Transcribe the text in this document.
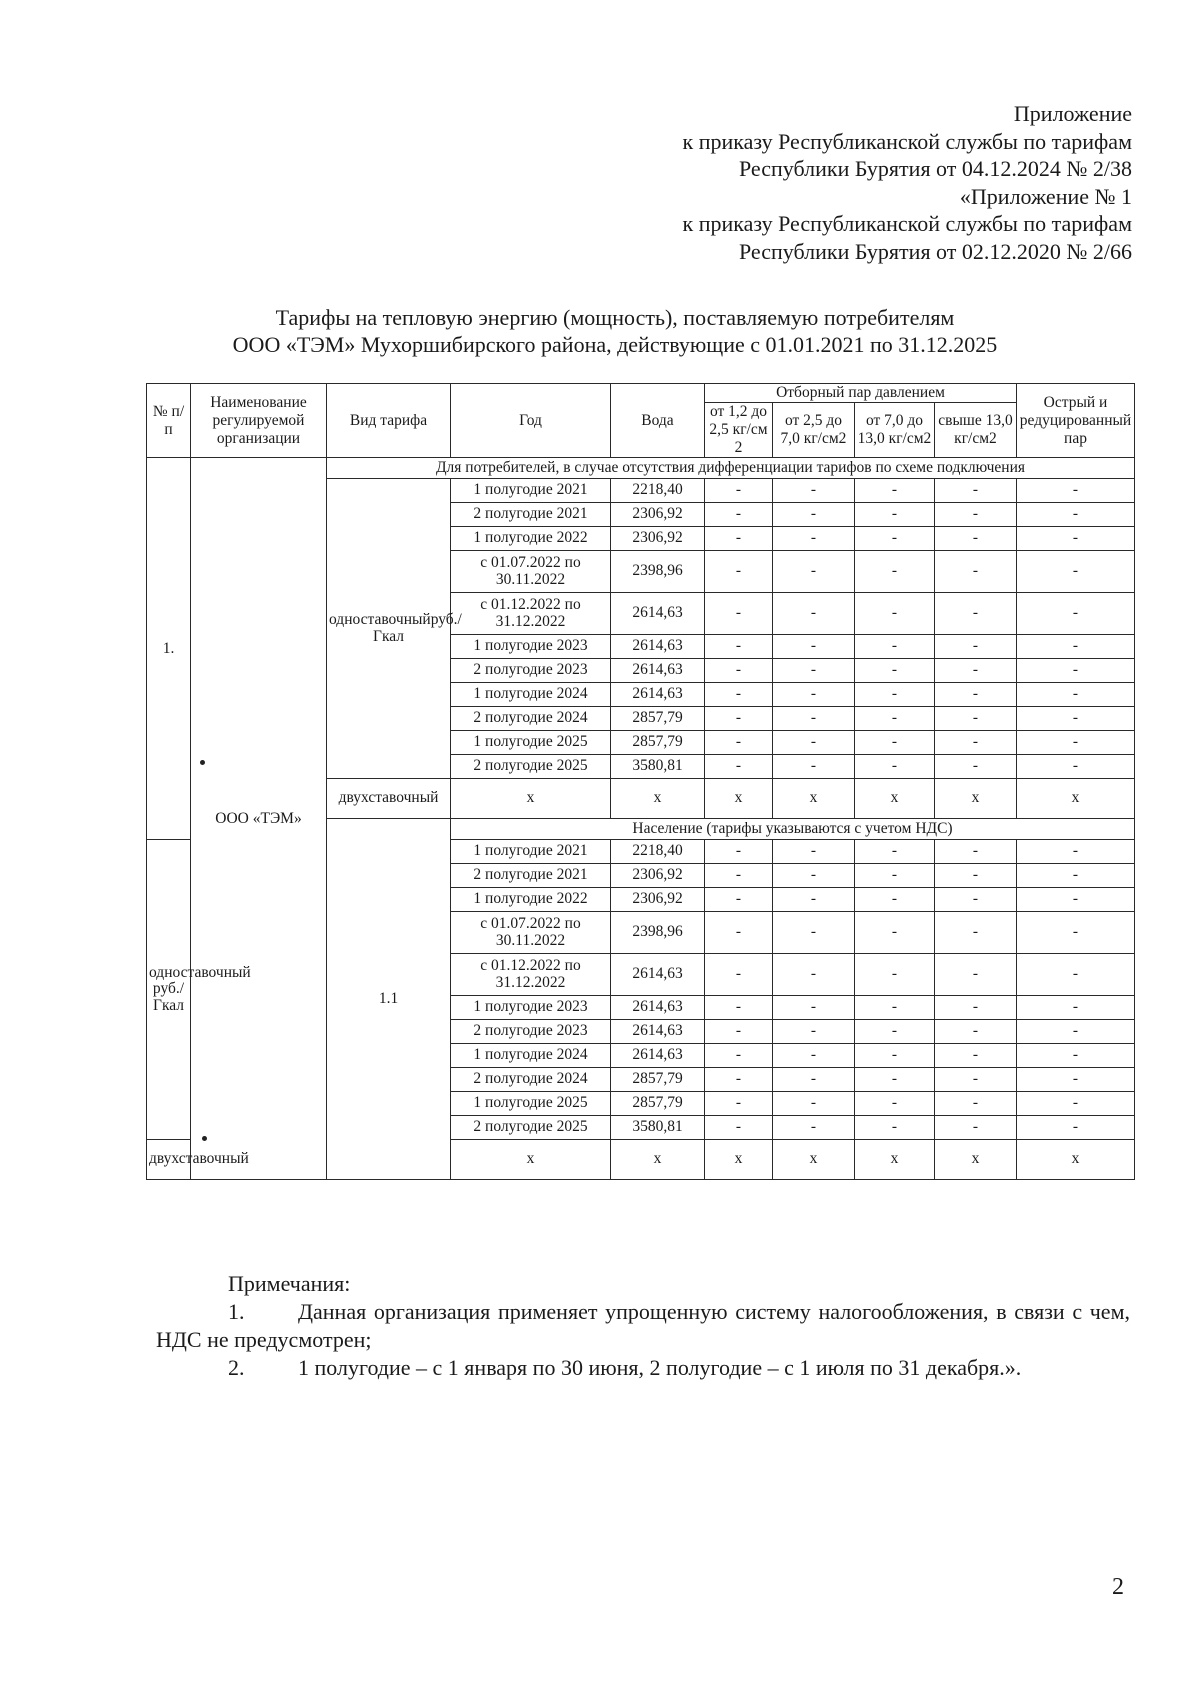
Приложение
к приказу Республиканской службы по тарифам
Республики Бурятия от 04.12.2024 № 2/38
«Приложение № 1
к приказу Республиканской службы по тарифам
Республики Бурятия от 02.12.2020 № 2/66
Тарифы на тепловую энергию (мощность), поставляемую потребителям
ООО «ТЭМ» Мухоршибирского района, действующие с 01.01.2021 по 31.12.2025
№ п/п	Наименование регулируемой организации	Вид тарифа	Год	Вода	Отборный пар давлением				Острый и редуцированный пар
					от 1,2 до 2,5 кг/см 2	от 2,5 до 7,0 кг/см2	от 7,0 до 13,0 кг/см2	свыше 13,0 кг/см2	
1.	ООО «ТЭМ»	Для потребителей, в случае отсутствия дифференциации тарифов по схеме подключения							
		одноставочныйруб./Гкал	1 полугодие 2021	2218,40	-	-	-	-	-
			2 полугодие 2021	2306,92	-	-	-	-	-
			1 полугодие 2022	2306,92	-	-	-	-	-
			с 01.07.2022 по 30.11.2022	2398,96	-	-	-	-	-
			с 01.12.2022 по 31.12.2022	2614,63	-	-	-	-	-
			1 полугодие 2023	2614,63	-	-	-	-	-
			2 полугодие 2023	2614,63	-	-	-	-	-
			1 полугодие 2024	2614,63	-	-	-	-	-
			2 полугодие 2024	2857,79	-	-	-	-	-
			1 полугодие 2025	2857,79	-	-	-	-	-
			2 полугодие 2025	3580,81	-	-	-	-	-
		двухставочный	x	x	x	x	x	x	x
		1.1	Население (тарифы указываются с учетом НДС)						
одноставочный руб./Гкал			1 полугодие 2021	2218,40	-	-	-	-	-
			2 полугодие 2021	2306,92	-	-	-	-	-
			1 полугодие 2022	2306,92	-	-	-	-	-
			с 01.07.2022 по 30.11.2022	2398,96	-	-	-	-	-
			с 01.12.2022 по 31.12.2022	2614,63	-	-	-	-	-
			1 полугодие 2023	2614,63	-	-	-	-	-
			2 полугодие 2023	2614,63	-	-	-	-	-
			1 полугодие 2024	2614,63	-	-	-	-	-
			2 полугодие 2024	2857,79	-	-	-	-	-
			1 полугодие 2025	2857,79	-	-	-	-	-
			2 полугодие 2025	3580,81	-	-	-	-	-
двухставочный			x	x	x	x	x	x	x
Примечания:
1. Данная организация применяет упрощенную систему налогообложения, в связи с чем, НДС не предусмотрен;
2. 1 полугодие – с 1 января по 30 июня, 2 полугодие – с 1 июля по 31 декабря.».
2
